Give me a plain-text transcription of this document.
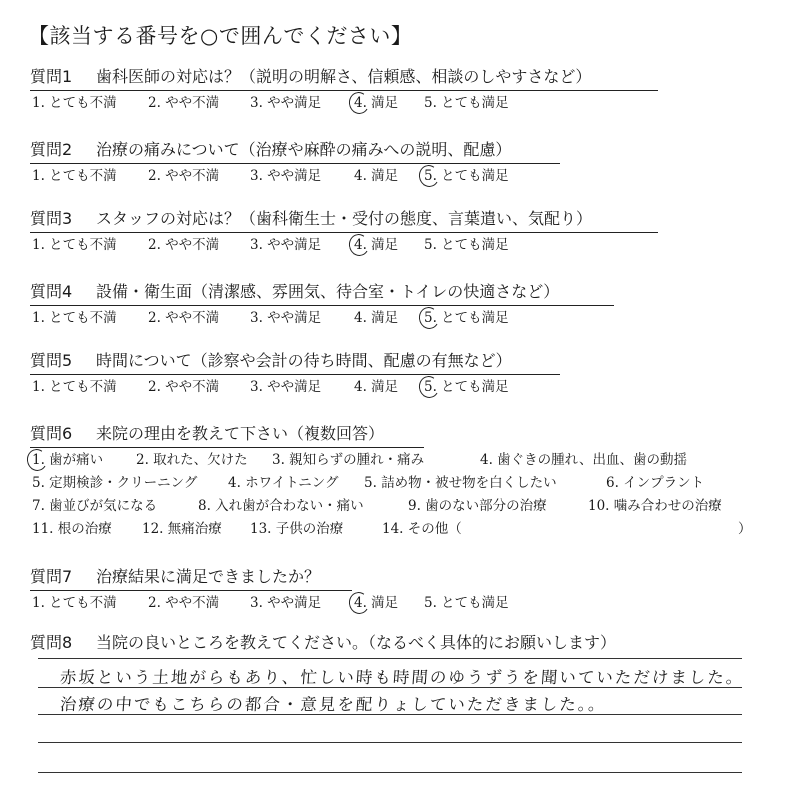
【該当する番号を○で囲んでください】
質問1 歯科医師の対応は？（説明の明解さ、信頼感、相談のしやすさなど）
1. とても不満 2. やや不満 3. やや満足 4. 満足 5. とても満足
質問2 治療の痛みについて（治療や麻酔の痛みへの説明、配慮）
1. とても不満 2. やや不満 3. やや満足 4. 満足 5. とても満足
質問3 スタッフの対応は？（歯科衛生士・受付の態度、言葉遣い、気配り）
1. とても不満 2. やや不満 3. やや満足 4. 満足 5. とても満足
質問4 設備・衛生面（清潔感、雰囲気、待合室・トイレの快適さなど）
1. とても不満 2. やや不満 3. やや満足 4. 満足 5. とても満足
質問5 時間について（診察や会計の待ち時間、配慮の有無など）
1. とても不満 2. やや不満 3. やや満足 4. 満足 5. とても満足
質問6 来院の理由を教えて下さい（複数回答）
1. 歯が痛い 2. 取れた、欠けた 3. 親知らずの腫れ・痛み	4. 歯ぐきの腫れ、出血、歯の動揺
5. 定期検診・クリーニング 4. ホワイトニング 5. 詰め物・被せ物を白くしたい	6. インプラント
7. 歯並びが気になる	8. 入れ歯が合わない・痛い	9. 歯のない部分の治療	10. 噛み合わせの治療
11. 根の治療 12. 無痛治療 13. 子供の治療	14. その他（	）
質問7 治療結果に満足できましたか？
1. とても不満 2. やや不満 3. やや満足 4. 満足 5. とても満足
質問8 当院の良いところを教えてください。（なるべく具体的にお願いします）
赤坂という土地がらもあり、忙しい時も時間のゆうずうを聞いていただけました。
治療の中でもこちらの都合・意見を配りょしていただきました。。
